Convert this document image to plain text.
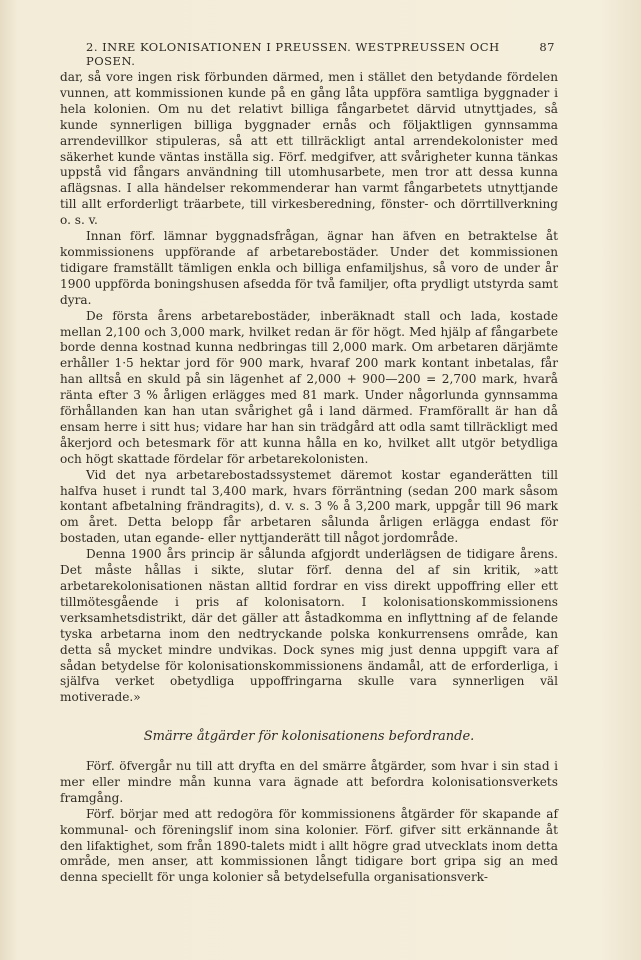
2. INRE KOLONISATIONEN I PREUSSEN. WESTPREUSSEN OCH POSEN.
87

dar, så vore ingen risk förbunden därmed, men i stället den betydande fördelen vunnen, att kommissionen kunde på en gång låta uppföra samtliga byggnader i hela kolonien. Om nu det relativt billiga fångarbetet därvid utnyttjades, så kunde synnerligen billiga byggnader ernås och följaktligen gynnsamma arrendevillkor stipuleras, så att ett tillräckligt antal arrendekolonister med säkerhet kunde väntas inställa sig. Förf. medgifver, att svårigheter kunna tänkas uppstå vid fångars användning till utomhusarbete, men tror att dessa kunna aflägsnas. I alla händelser rekommenderar han varmt fångarbetets utnyttjande till allt erforderligt träarbete, till virkesberedning, fönster- och dörrtillverkning o. s. v.

Innan förf. lämnar byggnadsfrågan, ägnar han äfven en betraktelse åt kommissionens uppförande af arbetarebostäder. Under det kommissionen tidigare framställt tämligen enkla och billiga enfamiljshus, så voro de under år 1900 uppförda boningshusen afsedda för två familjer, ofta prydligt utstyrda samt dyra.

De första årens arbetarebostäder, inberäknadt stall och lada, kostade mellan 2,100 och 3,000 mark, hvilket redan är för högt. Med hjälp af fångarbete borde denna kostnad kunna nedbringas till 2,000 mark. Om arbetaren därjämte erhåller 1·5 hektar jord för 900 mark, hvaraf 200 mark kontant inbetalas, får han alltså en skuld på sin lägenhet af 2,000 + 900—200 = 2,700 mark, hvarå ränta efter 3 % årligen erlägges med 81 mark. Under någorlunda gynnsamma förhållanden kan han utan svårighet gå i land därmed. Framförallt är han då ensam herre i sitt hus; vidare har han sin trädgård att odla samt tillräckligt med åkerjord och betesmark för att kunna hålla en ko, hvilket allt utgör betydliga och högt skattade fördelar för arbetarekolonisten.

Vid det nya arbetarebostadssystemet däremot kostar eganderätten till halfva huset i rundt tal 3,400 mark, hvars förräntning (sedan 200 mark såsom kontant afbetalning frändragits), d. v. s. 3 % å 3,200 mark, uppgår till 96 mark om året. Detta belopp får arbetaren sålunda årligen erlägga endast för bostaden, utan egande- eller nyttjanderätt till något jordområde.

Denna 1900 års princip är sålunda afgjordt underlägsen de tidigare årens. Det måste hållas i sikte, slutar förf. denna del af sin kritik, »att arbetarekolonisationen nästan alltid fordrar en viss direkt uppoffring eller ett tillmötesgående i pris af kolonisatorn. I kolonisationskommissionens verksamhetsdistrikt, där det gäller att åstadkomma en inflyttning af de felande tyska arbetarna inom den nedtryckande polska konkurrensens område, kan detta så mycket mindre undvikas. Dock synes mig just denna uppgift vara af sådan betydelse för kolonisationskommissionens ändamål, att de erforderliga, i själfva verket obetydliga uppoffringarna skulle vara synnerligen väl motiverade.»

Smärre åtgärder för kolonisationens befordrande.

Förf. öfvergår nu till att dryfta en del smärre åtgärder, som hvar i sin stad i mer eller mindre mån kunna vara ägnade att befordra kolonisationsverkets framgång.

Förf. börjar med att redogöra för kommissionens åtgärder för skapande af kommunal- och föreningslif inom sina kolonier. Förf. gifver sitt erkännande åt den lifaktighet, som från 1890-talets midt i allt högre grad utvecklats inom detta område, men anser, att kommissionen långt tidigare bort gripa sig an med denna speciellt för unga kolonier så betydelsefulla organisationsverk-
